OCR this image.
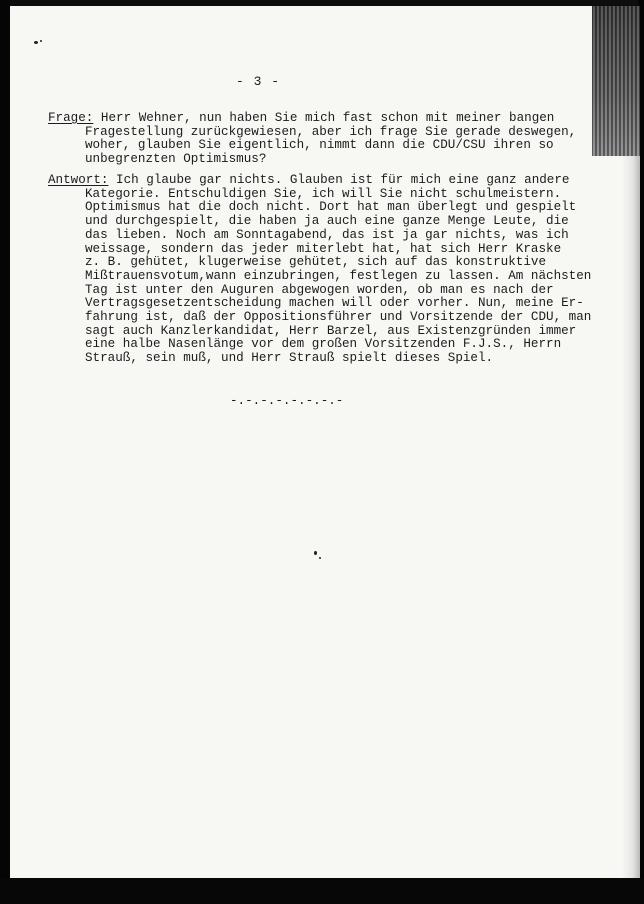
- 3 -
Frage: Herr Wehner, nun haben Sie mich fast schon mit meiner bangen
Fragestellung zurückgewiesen, aber ich frage Sie gerade deswegen,
woher, glauben Sie eigentlich, nimmt dann die CDU/CSU ihren so
unbegrenzten Optimismus?
Antwort: Ich glaube gar nichts. Glauben ist für mich eine ganz andere
Kategorie. Entschuldigen Sie, ich will Sie nicht schulmeistern.
Optimismus hat die doch nicht. Dort hat man überlegt und gespielt
und durchgespielt, die haben ja auch eine ganze Menge Leute, die
das lieben. Noch am Sonntagabend, das ist ja gar nichts, was ich
weissage, sondern das jeder miterlebt hat, hat sich Herr Kraske
z. B. gehütet, klugerweise gehütet, sich auf das konstruktive
Mißtrauensvotum,wann einzubringen, festlegen zu lassen. Am nächsten
Tag ist unter den Auguren abgewogen worden, ob man es nach der
Vertragsgesetzentscheidung machen will oder vorher. Nun, meine Er-
fahrung ist, daß der Oppositionsführer und Vorsitzende der CDU, man
sagt auch Kanzlerkandidat, Herr Barzel, aus Existenzgründen immer
eine halbe Nasenlänge vor dem großen Vorsitzenden F.J.S., Herrn
Strauß, sein muß, und Herr Strauß spielt dieses Spiel.
-.-.-.-.-.-.-.-
